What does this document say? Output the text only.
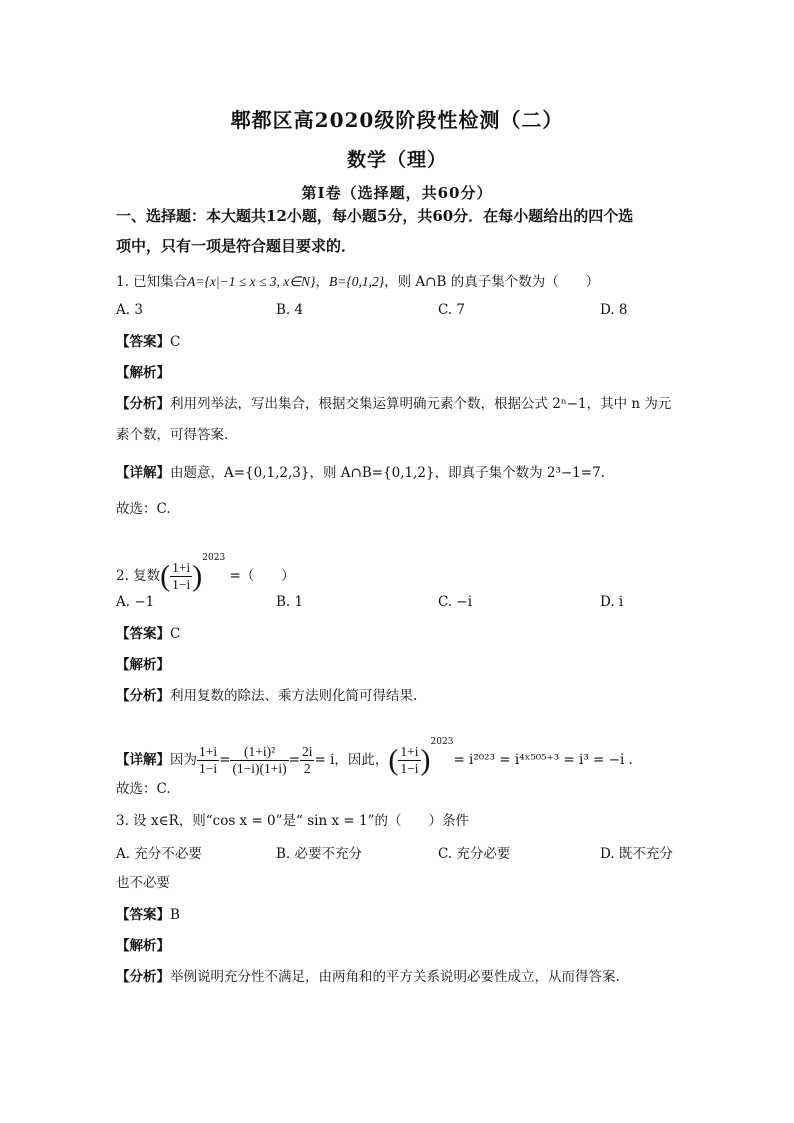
郫都区高2020级阶段性检测（二）
数学（理）
第Ⅰ卷（选择题，共60分）
一、选择题：本大题共12小题，每小题5分，共60分．在每小题给出的四个选
项中，只有一项是符合题目要求的．
1. 已知集合A={x|−1 ≤ x ≤ 3, x∈N}，B={0,1,2}，则 A∩B 的真子集个数为（　　）
A. 3	B. 4	C. 7	D. 8
【答案】C
【解析】
【分析】利用列举法，写出集合，根据交集运算明确元素个数，根据公式 2ⁿ−1，其中 n 为元
素个数，可得答案.
【详解】由题意，A={0,1,2,3}，则 A∩B={0,1,2}，即真子集个数为 2³−1=7.
故选：C.
2. 复数( $\frac{1+i}{1-i} )^{2023}$ =（　　）
A. −1	B. 1	C. −i	D. i
【答案】C
【解析】
【分析】利用复数的除法、乘方法则化简可得结果.
【详解】因为 $\frac{1+i}{1-i} = \frac{\text{(1+i)²}}{(1-i)(1+i)} = \frac{2i}{2} = i$，因此，( $\frac{1+i}{1-i} )^{2023}= i^{2023}$ = i⁴ˣ⁵⁰⁵⁺³ = i³ = −i .
故选：C.
3. 设 x∈R，则“cos x = 0”是“ sin x = 1”的（　　）条件
A. 充分不必要	B. 必要不充分	C. 充分必要	D. 既不充分
也不必要
【答案】B
【解析】
【分析】举例说明充分性不满足，由两角和的平方关系说明必要性成立，从而得答案.
